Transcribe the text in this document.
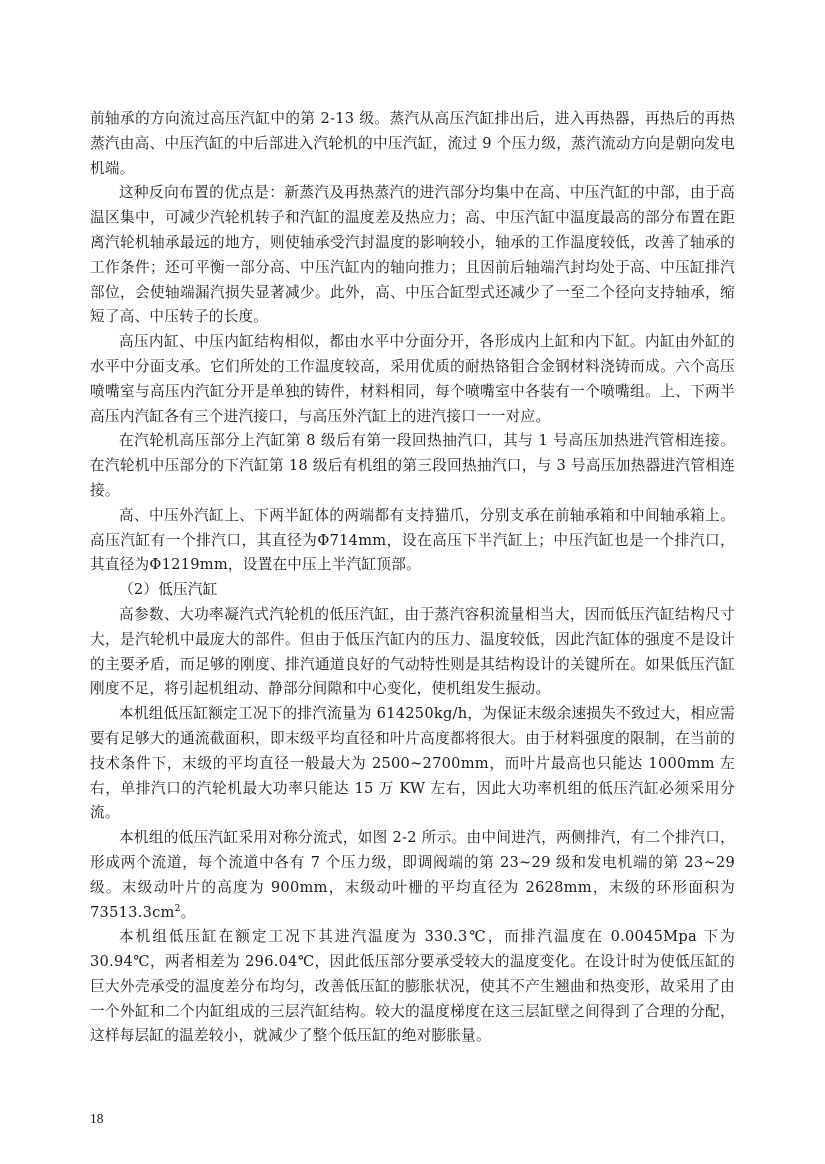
前轴承的方向流过高压汽缸中的第 2-13 级。蒸汽从高压汽缸排出后，进入再热器，再热后的再热蒸汽由高、中压汽缸的中后部进入汽轮机的中压汽缸，流过 9 个压力级，蒸汽流动方向是朝向发电机端。

这种反向布置的优点是：新蒸汽及再热蒸汽的进汽部分均集中在高、中压汽缸的中部，由于高温区集中，可减少汽轮机转子和汽缸的温度差及热应力；高、中压汽缸中温度最高的部分布置在距离汽轮机轴承最远的地方，则使轴承受汽封温度的影响较小，轴承的工作温度较低，改善了轴承的工作条件；还可平衡一部分高、中压汽缸内的轴向推力；且因前后轴端汽封均处于高、中压缸排汽部位，会使轴端漏汽损失显著减少。此外，高、中压合缸型式还减少了一至二个径向支持轴承，缩短了高、中压转子的长度。

高压内缸、中压内缸结构相似，都由水平中分面分开，各形成内上缸和内下缸。内缸由外缸的水平中分面支承。它们所处的工作温度较高，采用优质的耐热铬钼合金钢材料浇铸而成。六个高压喷嘴室与高压内汽缸分开是单独的铸件，材料相同，每个喷嘴室中各装有一个喷嘴组。上、下两半高压内汽缸各有三个进汽接口，与高压外汽缸上的进汽接口一一对应。

在汽轮机高压部分上汽缸第 8 级后有第一段回热抽汽口，其与 1 号高压加热进汽管相连接。在汽轮机中压部分的下汽缸第 18 级后有机组的第三段回热抽汽口，与 3 号高压加热器进汽管相连接。

高、中压外汽缸上、下两半缸体的两端都有支持猫爪，分别支承在前轴承箱和中间轴承箱上。高压汽缸有一个排汽口，其直径为Φ714mm，设在高压下半汽缸上；中压汽缸也是一个排汽口，其直径为Φ1219mm，设置在中压上半汽缸顶部。

（2）低压汽缸

高参数、大功率凝汽式汽轮机的低压汽缸，由于蒸汽容积流量相当大，因而低压汽缸结构尺寸大，是汽轮机中最庞大的部件。但由于低压汽缸内的压力、温度较低，因此汽缸体的强度不是设计的主要矛盾，而足够的刚度、排汽通道良好的气动特性则是其结构设计的关键所在。如果低压汽缸刚度不足，将引起机组动、静部分间隙和中心变化，使机组发生振动。

本机组低压缸额定工况下的排汽流量为 614250kg/h，为保证末级余速损失不致过大，相应需要有足够大的通流截面积，即末级平均直径和叶片高度都将很大。由于材料强度的限制，在当前的技术条件下，末级的平均直径一般最大为 2500~2700mm，而叶片最高也只能达 1000mm 左右，单排汽口的汽轮机最大功率只能达 15 万 KW 左右，因此大功率机组的低压汽缸必须采用分流。

本机组的低压汽缸采用对称分流式，如图 2-2 所示。由中间进汽，两侧排汽，有二个排汽口，形成两个流道，每个流道中各有 7 个压力级，即调阀端的第 23~29 级和发电机端的第 23~29 级。末级动叶片的高度为 900mm，末级动叶栅的平均直径为 2628mm，末级的环形面积为 $73513.3cm^2$。

本机组低压缸在额定工况下其进汽温度为 330.3℃，而排汽温度在 0.0045Mpa 下为 30.94℃，两者相差为 296.04℃，因此低压部分要承受较大的温度变化。在设计时为使低压缸的巨大外壳承受的温度差分布均匀，改善低压缸的膨胀状况，使其不产生翘曲和热变形，故采用了由一个外缸和二个内缸组成的三层汽缸结构。较大的温度梯度在这三层缸壁之间得到了合理的分配，这样每层缸的温差较小，就减少了整个低压缸的绝对膨胀量。

18
